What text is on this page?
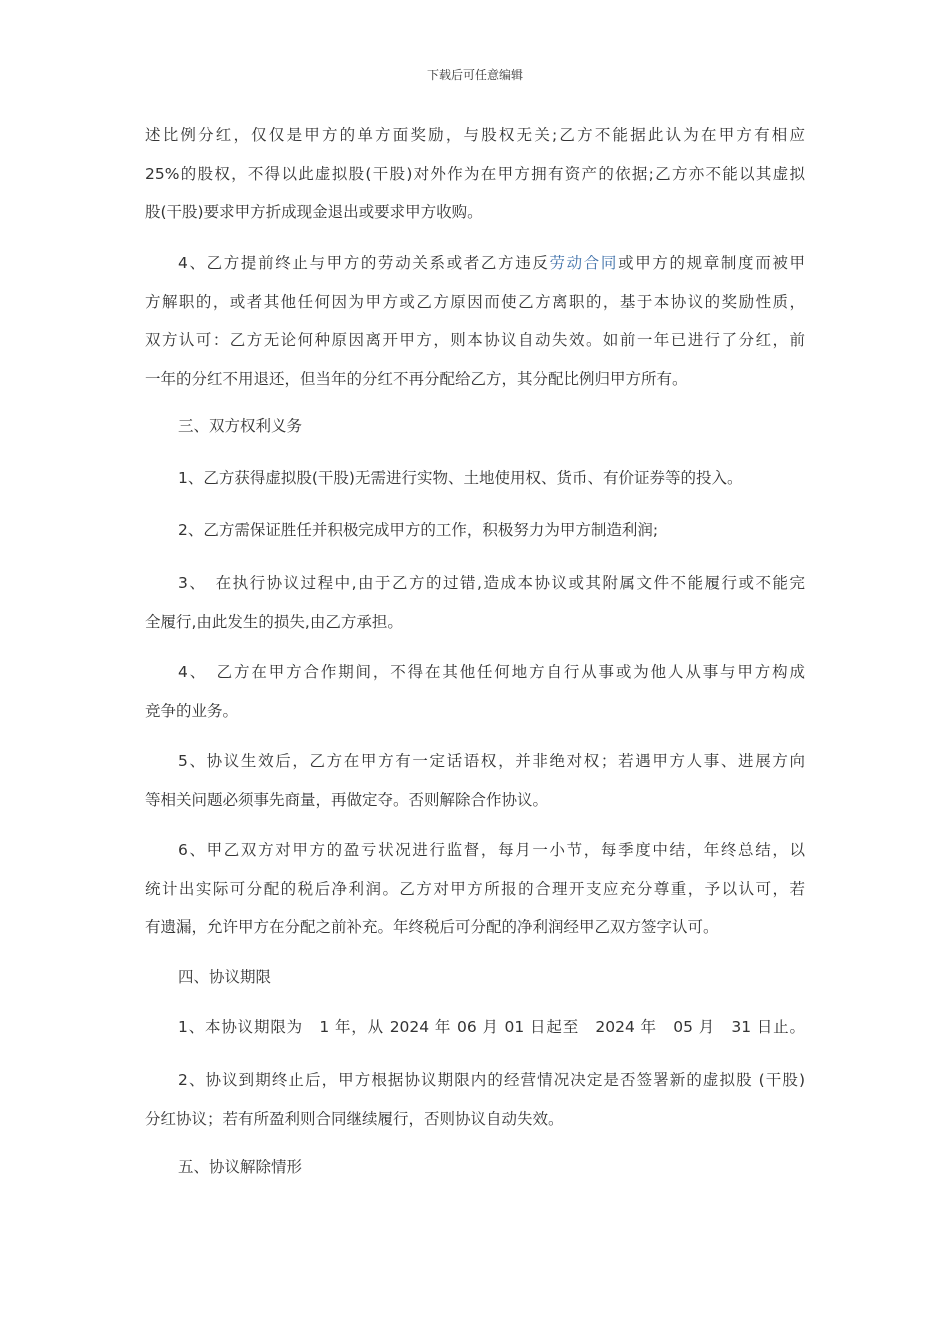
下载后可任意编辑
述比例分红，仅仅是甲方的单方面奖励，与股权无关;乙方不能据此认为在甲方有相应
25%的股权，不得以此虚拟股(干股)对外作为在甲方拥有资产的依据;乙方亦不能以其虚拟
股(干股)要求甲方折成现金退出或要求甲方收购。
4、乙方提前终止与甲方的劳动关系或者乙方违反劳动合同或甲方的规章制度而被甲
方解职的，或者其他任何因为甲方或乙方原因而使乙方离职的，基于本协议的奖励性质，
双方认可：乙方无论何种原因离开甲方，则本协议自动失效。如前一年已进行了分红，前
一年的分红不用退还，但当年的分红不再分配给乙方，其分配比例归甲方所有。
三、双方权利义务
1、乙方获得虚拟股(干股)无需进行实物、土地使用权、货币、有价证券等的投入。
2、乙方需保证胜任并积极完成甲方的工作，积极努力为甲方制造利润;
3、　在执行协议过程中,由于乙方的过错,造成本协议或其附属文件不能履行或不能完
全履行,由此发生的损失,由乙方承担。
4、　乙方在甲方合作期间，不得在其他任何地方自行从事或为他人从事与甲方构成
竞争的业务。
5、协议生效后，乙方在甲方有一定话语权，并非绝对权；若遇甲方人事、进展方向
等相关问题必须事先商量，再做定夺。否则解除合作协议。
6、甲乙双方对甲方的盈亏状况进行监督，每月一小节，每季度中结，年终总结，以
统计出实际可分配的税后净利润。乙方对甲方所报的合理开支应充分尊重，予以认可，若
有遗漏，允许甲方在分配之前补充。年终税后可分配的净利润经甲乙双方签字认可。
四、协议期限
1、本协议期限为　1 年，从 2024 年 06 月 01 日起至　2024 年　05 月　31 日止。
2、协议到期终止后，甲方根据协议期限内的经营情况决定是否签署新的虚拟股 (干股)
分红协议；若有所盈利则合同继续履行，否则协议自动失效。
五、协议解除情形
